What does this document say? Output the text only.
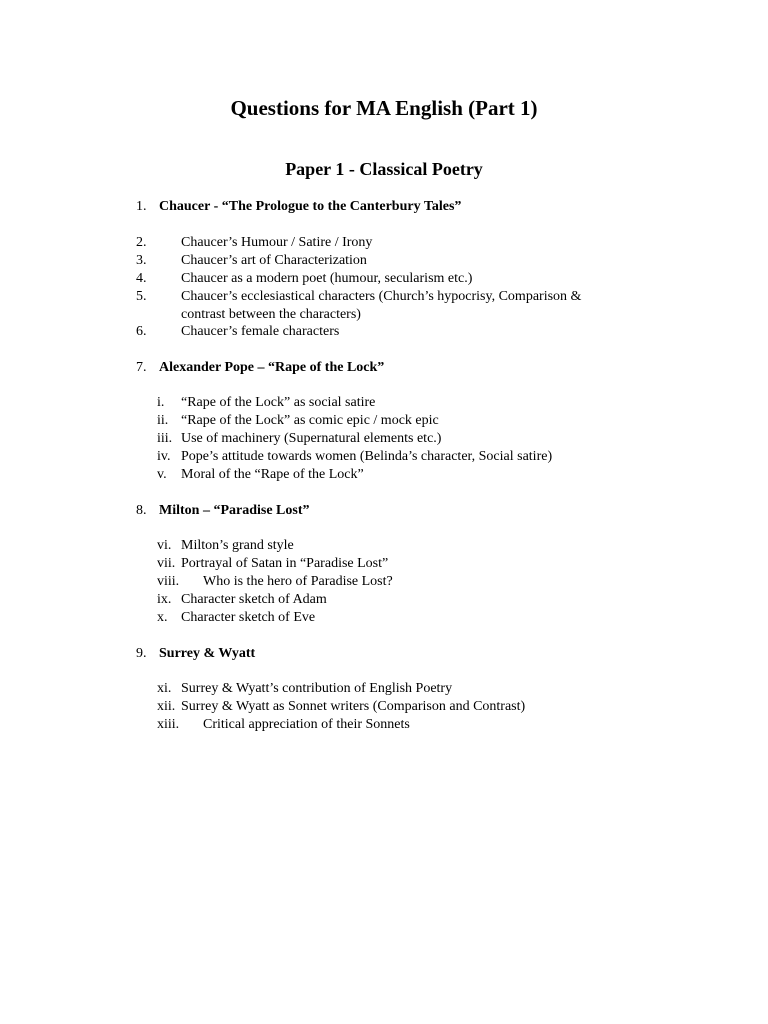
Questions for MA English (Part 1)
Paper 1 - Classical Poetry
1. Chaucer - “The Prologue to the Canterbury Tales”
2. Chaucer’s Humour / Satire / Irony
3. Chaucer’s art of Characterization
4. Chaucer as a modern poet (humour, secularism etc.)
5. Chaucer’s ecclesiastical characters (Church’s hypocrisy, Comparison & contrast between the characters)
6. Chaucer’s female characters
7. Alexander Pope – “Rape of the Lock”
i. “Rape of the Lock” as social satire
ii. “Rape of the Lock” as comic epic / mock epic
iii. Use of machinery (Supernatural elements etc.)
iv. Pope’s attitude towards women (Belinda’s character, Social satire)
v. Moral of the “Rape of the Lock”
8. Milton – “Paradise Lost”
vi. Milton’s grand style
vii. Portrayal of Satan in “Paradise Lost”
viii. Who is the hero of Paradise Lost?
ix. Character sketch of Adam
x. Character sketch of Eve
9. Surrey & Wyatt
xi. Surrey & Wyatt’s contribution of English Poetry
xii. Surrey & Wyatt as Sonnet writers (Comparison and Contrast)
xiii. Critical appreciation of their Sonnets
